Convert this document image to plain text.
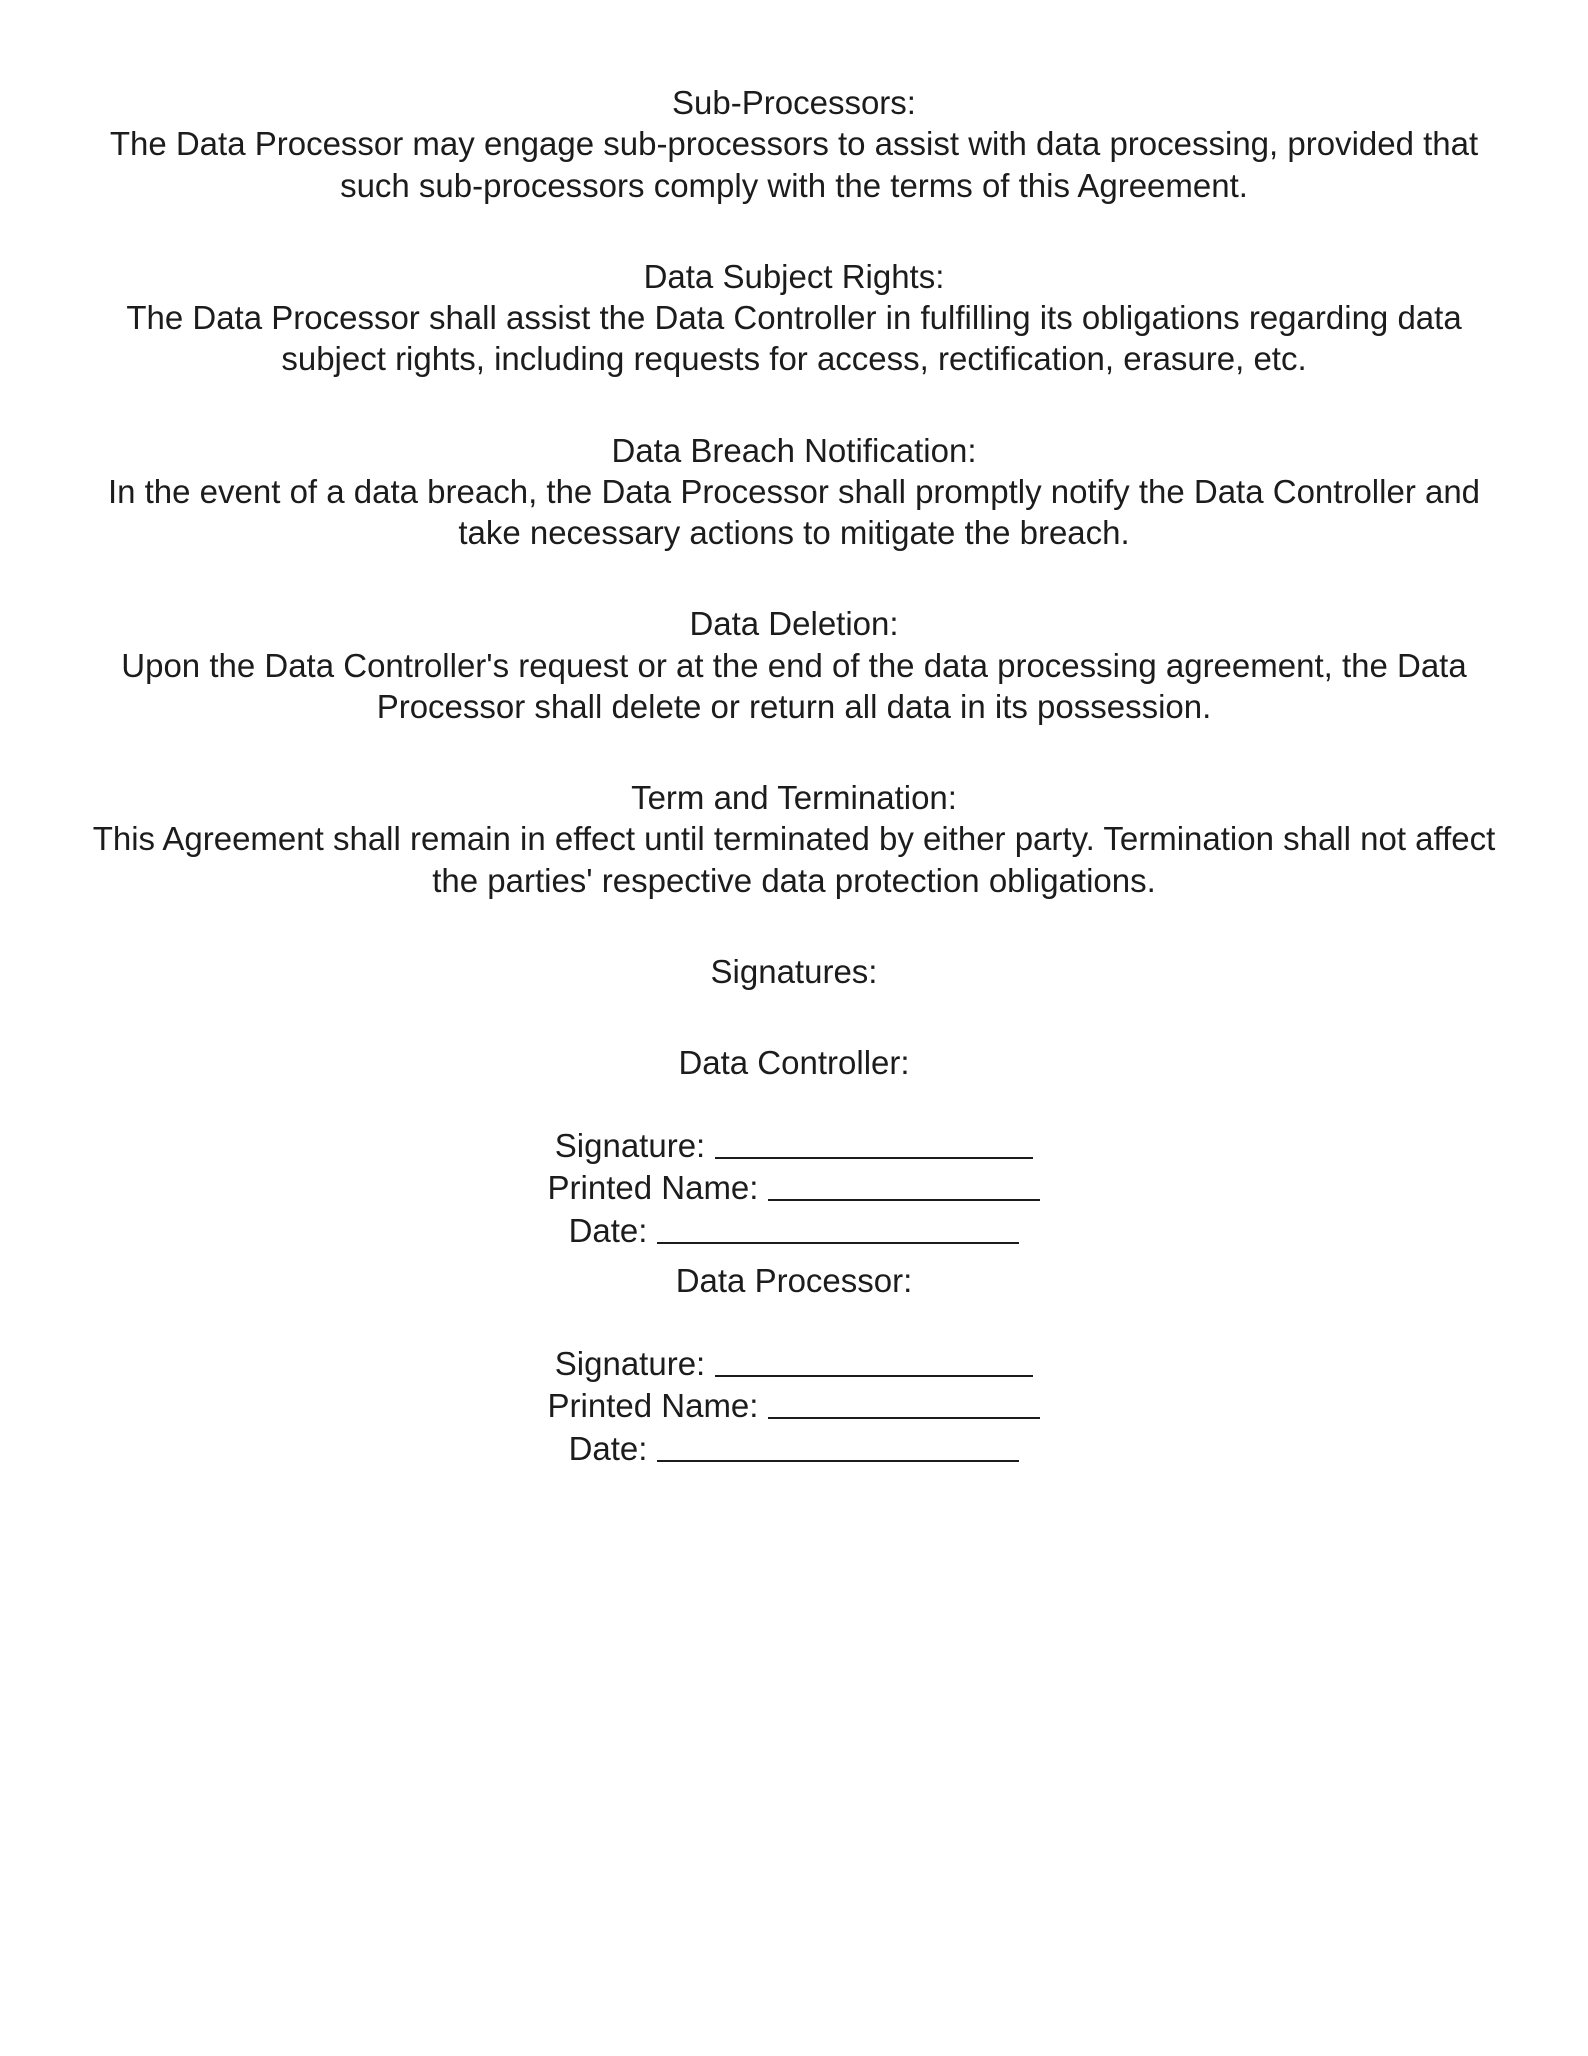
Sub-Processors:

The Data Processor may engage sub-processors to assist with data processing, provided that such sub-processors comply with the terms of this Agreement.

Data Subject Rights:

The Data Processor shall assist the Data Controller in fulfilling its obligations regarding data subject rights, including requests for access, rectification, erasure, etc.

Data Breach Notification:

In the event of a data breach, the Data Processor shall promptly notify the Data Controller and take necessary actions to mitigate the breach.

Data Deletion:

Upon the Data Controller's request or at the end of the data processing agreement, the Data Processor shall delete or return all data in its possession.

Term and Termination:

This Agreement shall remain in effect until terminated by either party. Termination shall not affect the parties' respective data protection obligations.

Signatures:
Data Controller:
Signature:
Printed Name:
Date:
Data Processor:
Signature:
Printed Name:
Date:
